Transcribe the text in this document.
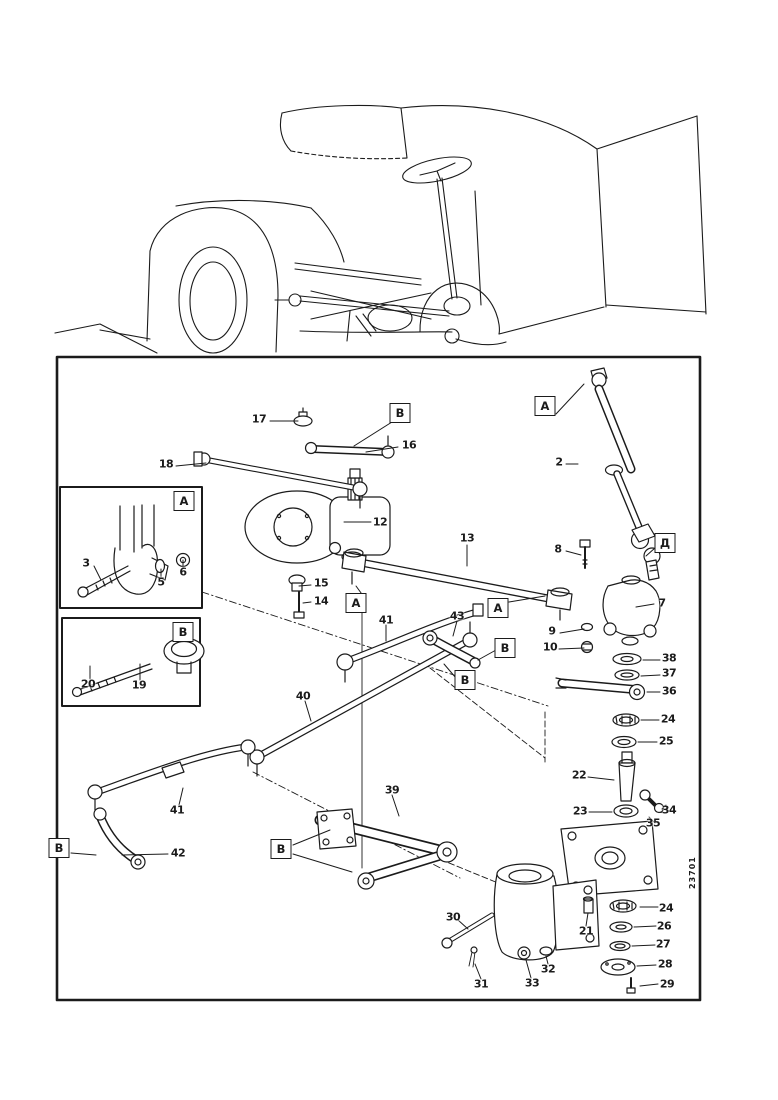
17
16
18	2
12
13
8
15
14
3
5
6
20	19
7
9
10
38
37
36
24
25
22
23	34
35
41	43
40
41
42
39
21
30
31	33
32
24
26
27
28
29
A
B
Д
A	A
B
B
B
B
A
B
23701
